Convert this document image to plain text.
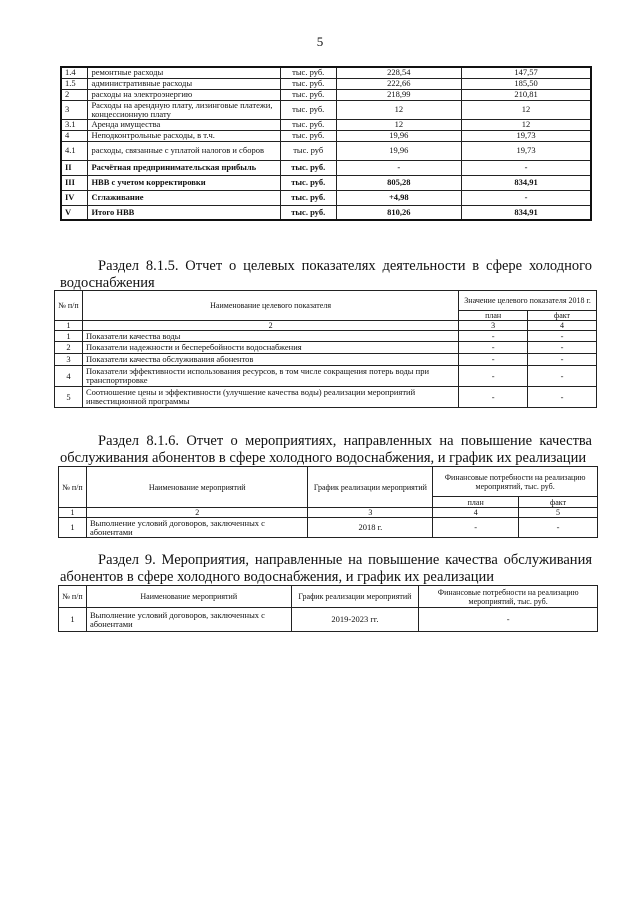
5
1.4	ремонтные расходы	тыс. руб.	228,54	147,57
1.5	административные расходы	тыс. руб.	222,66	185,50
2	расходы на электроэнергию	тыс. руб.	218,99	210,81
3	Расходы на арендную плату, лизинговые платежи, концессионную плату	тыс. руб.	12	12
3.1	Аренда имущества	тыс. руб.	12	12
4	Неподконтрольные расходы, в т.ч.	тыс. руб.	19,96	19,73
4.1	расходы, связанные с уплатой налогов и сборов	тыс. руб	19,96	19,73
II	Расчётная предпринимательская прибыль	тыс. руб.	-	-
III	НВВ с учетом корректировки	тыс. руб.	805,28	834,91
IV	Сглаживание	тыс. руб.	+4,98	-
V	Итого НВВ	тыс. руб.	810,26	834,91
Раздел 8.1.5. Отчет о целевых показателях деятельности в сфере холодного водоснабжения
№ п/п	Наименование целевого показателя	Значение целевого показателя 2018 г.	
		план	факт
1	2	3	4
1	Показатели качества воды	-	-
2	Показатели надежности и бесперебойности водоснабжения	-	-
3	Показатели качества обслуживания абонентов	-	-
4	Показатели эффективности использования ресурсов, в том числе сокращения потерь воды при транспортировке	-	-
5	Соотношение цены и эффективности (улучшение качества воды) реализации мероприятий инвестиционной программы	-	-
Раздел 8.1.6. Отчет о мероприятиях, направленных на повышение качества обслуживания абонентов в сфере холодного водоснабжения, и график их реализации
№ п/п	Наименование мероприятий	График реализации мероприятий	Финансовые потребности на реализацию мероприятий, тыс. руб.	
			план	факт
1	2	3	4	5
1	Выполнение условий договоров, заключенных с абонентами	2018 г.	-	-
Раздел 9. Мероприятия, направленные на повышение качества обслуживания абонентов в сфере холодного водоснабжения, и график их реализации
№ п/п	Наименование мероприятий	График реализации мероприятий	Финансовые потребности на реализацию мероприятий, тыс. руб.
1	Выполнение условий договоров, заключенных с абонентами	2019-2023 гг.	-
